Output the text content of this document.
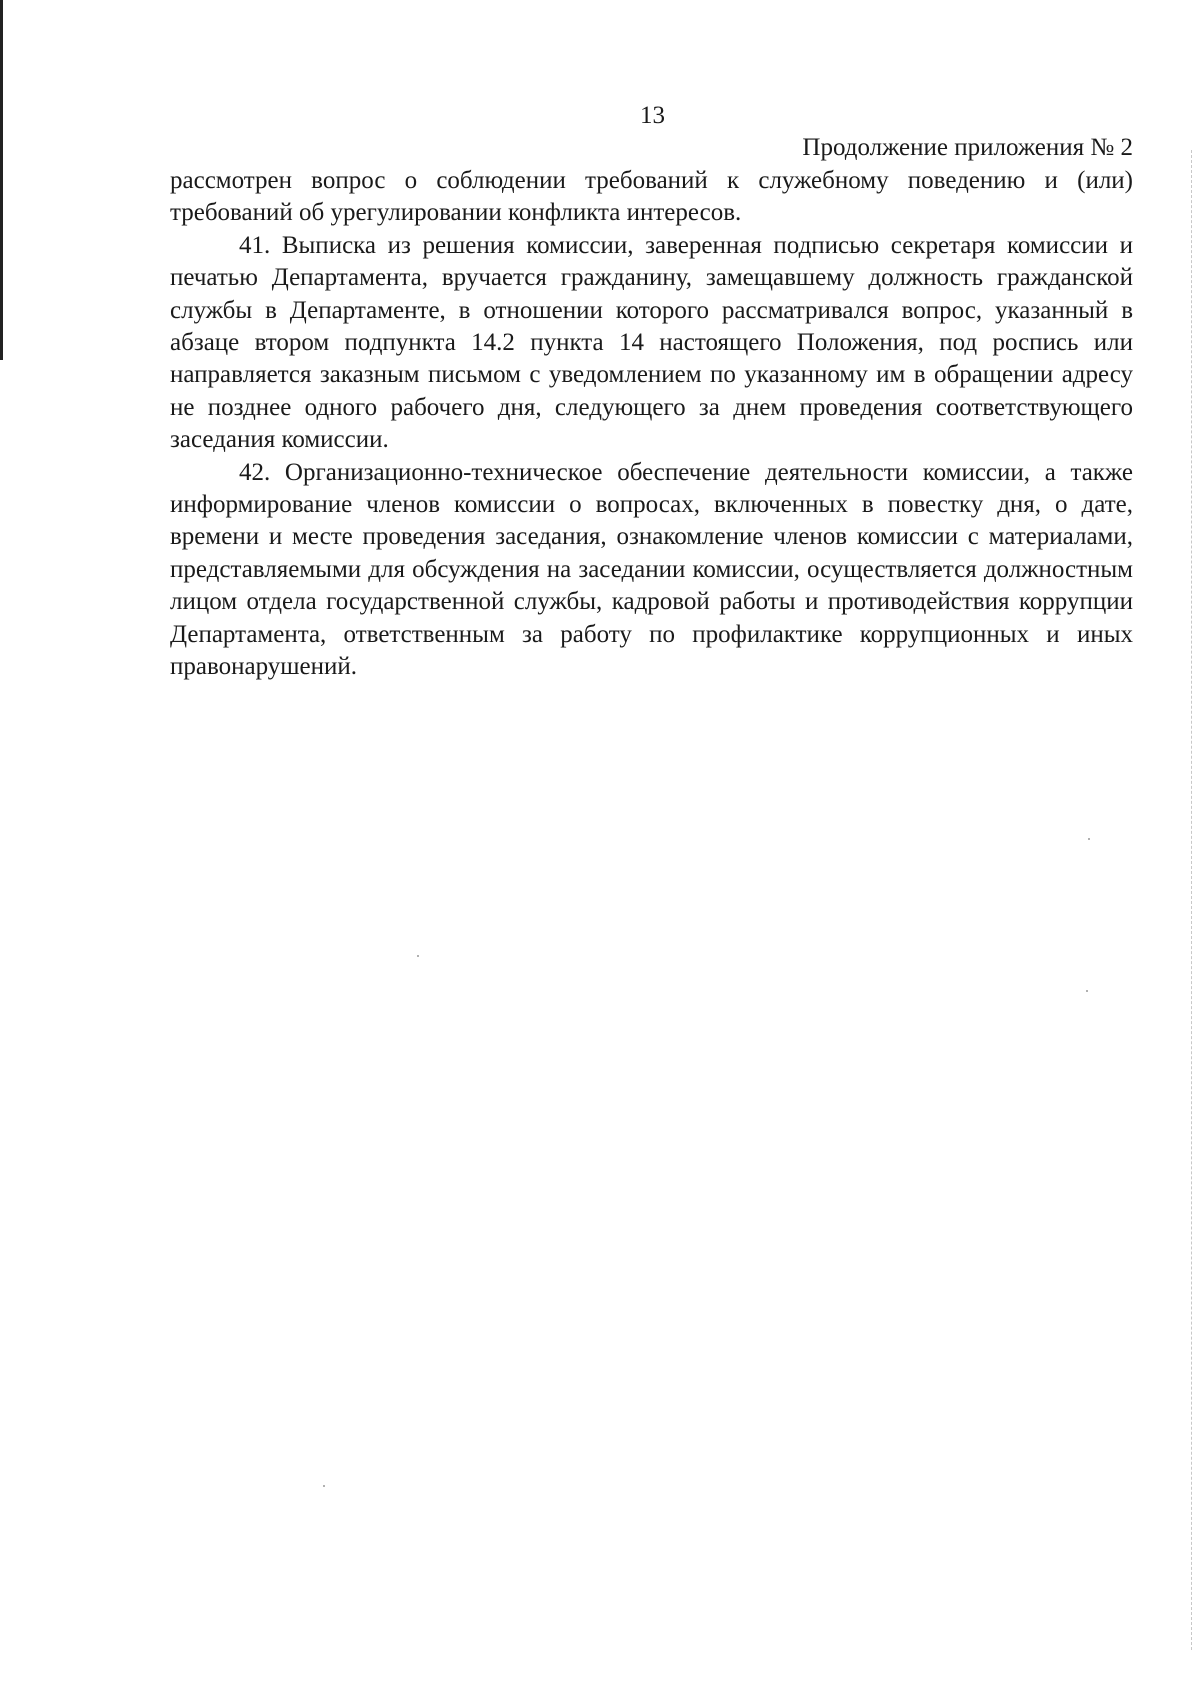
13
Продолжение приложения № 2

рассмотрен вопрос о соблюдении требований к служебному поведению и (или) требований об урегулировании конфликта интересов.

41. Выписка из решения комиссии, заверенная подписью секретаря комиссии и печатью Департамента, вручается гражданину, замещавшему должность гражданской службы в Департаменте, в отношении которого рассматривался вопрос, указанный в абзаце втором подпункта 14.2 пункта 14 настоящего Положения, под роспись или направляется заказным письмом с уведомлением по указанному им в обращении адресу не позднее одного рабочего дня, следующего за днем проведения соответствующего заседания комиссии.

42. Организационно-техническое обеспечение деятельности комиссии, а также информирование членов комиссии о вопросах, включенных в повестку дня, о дате, времени и месте проведения заседания, ознакомление членов комиссии с материалами, представляемыми для обсуждения на заседании комиссии, осуществляется должностным лицом отдела государственной службы, кадровой работы и противодействия коррупции Департамента, ответственным за работу по профилактике коррупционных и иных правонарушений.
